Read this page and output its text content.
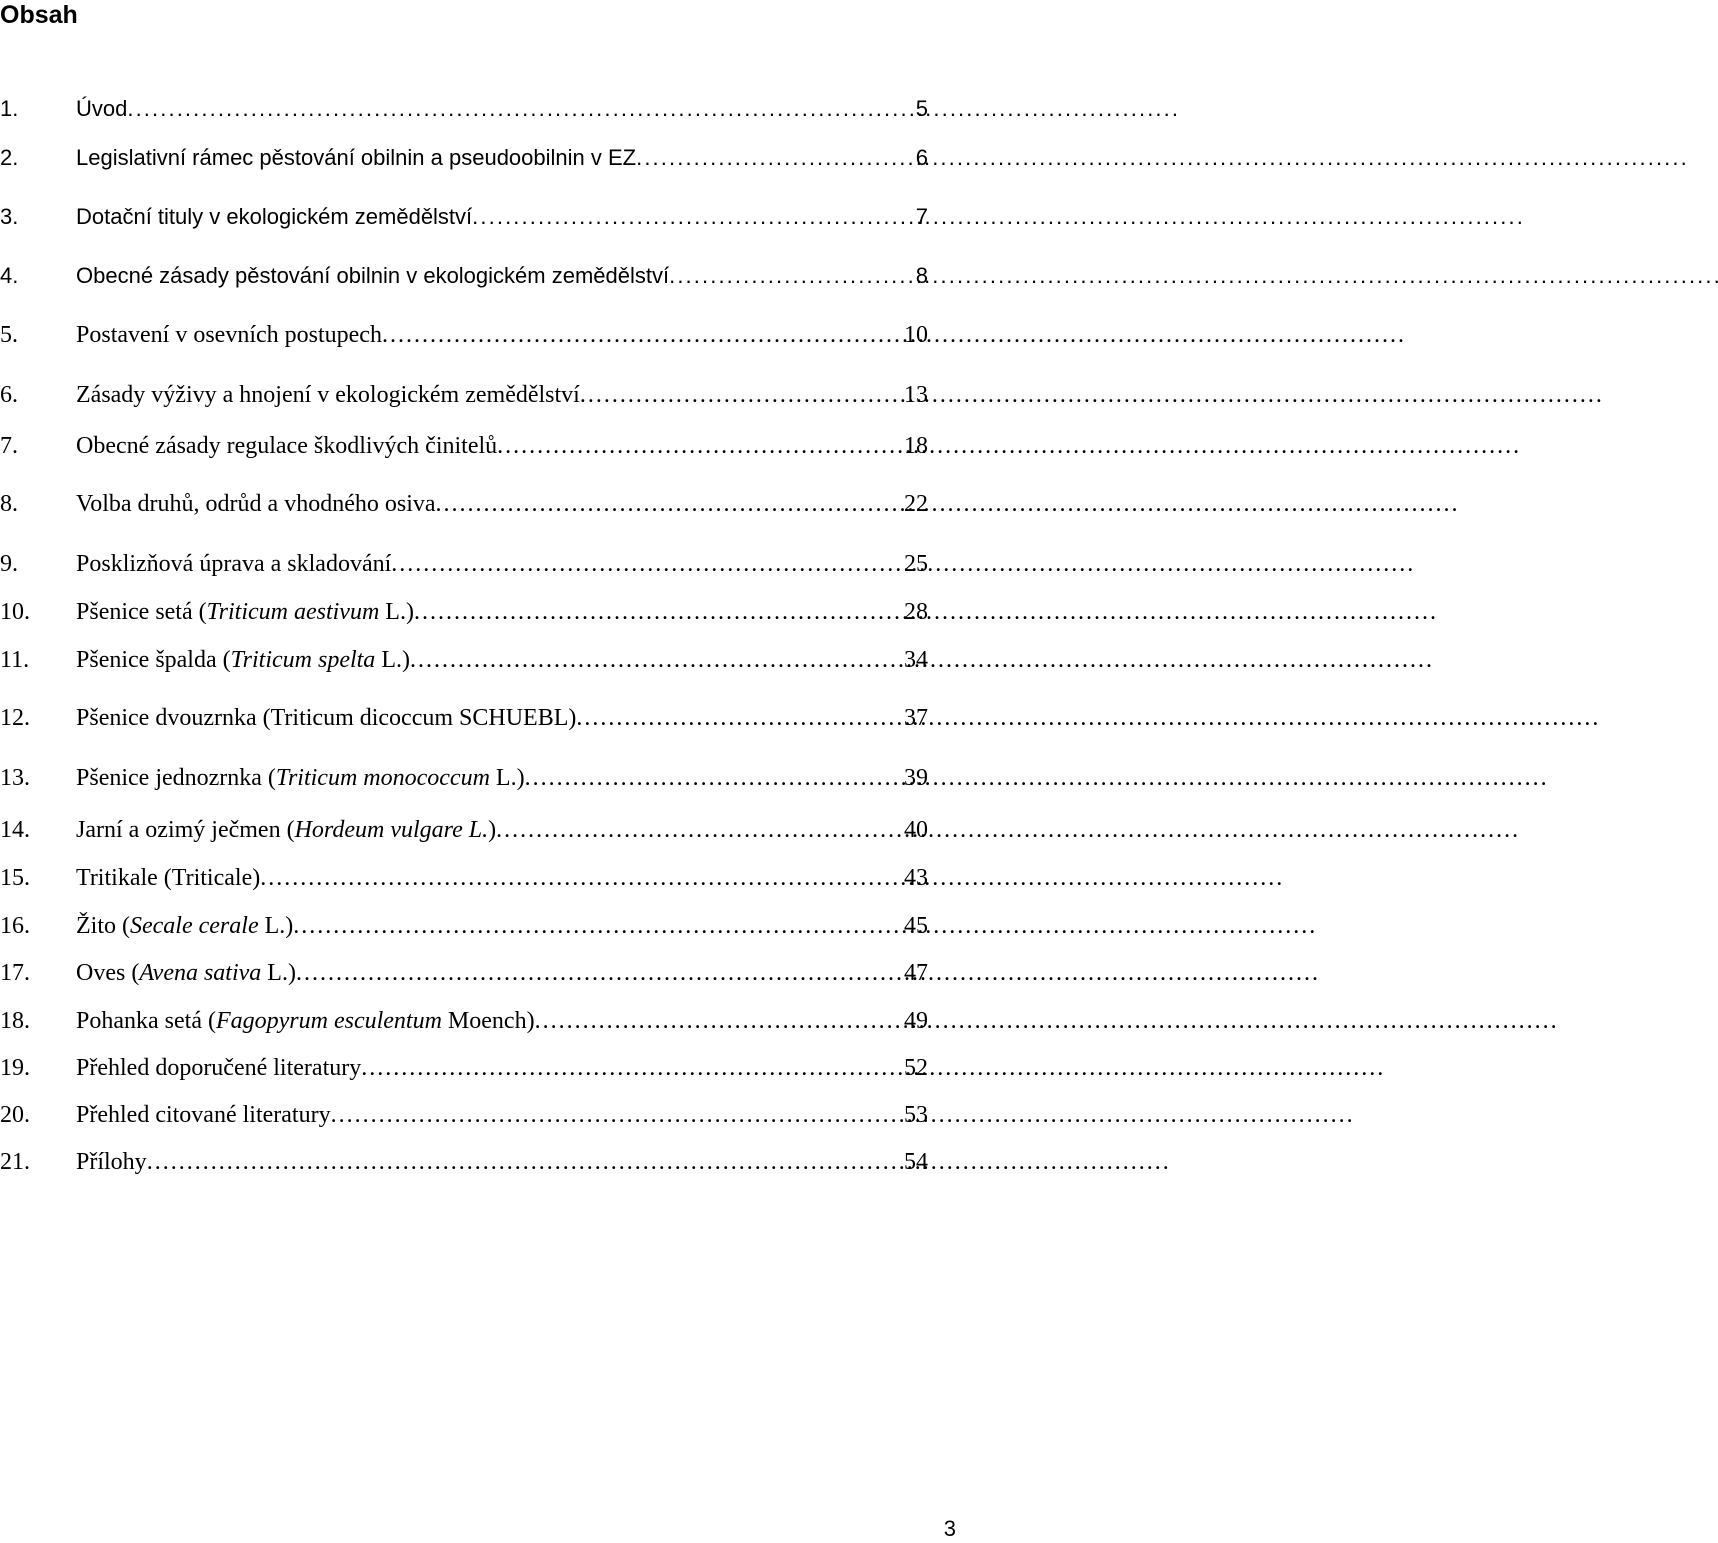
Obsah
1.	Úvod . . .	5
2.	Legislativní rámec pěstování obilnin a pseudoobilnin v EZ . . .	6
3.	Dotační tituly v ekologickém zemědělství . . .	7
4.	Obecné zásady pěstování obilnin v ekologickém zemědělství . . .	8
5.	Postavení v osevních postupech . . .	10
6.	Zásady výživy a hnojení v ekologickém zemědělství . . .	13
7.	Obecné zásady regulace škodlivých činitelů . . .	18
8.	Volba druhů, odrůd a vhodného osiva . . .	22
9.	Posklizňová úprava a skladování . . .	25
10.	Pšenice setá (Triticum aestivum L.) . . .	28
11.	Pšenice špalda (Triticum spelta L.) . . .	34
12.	Pšenice dvouzrnka (Triticum dicoccum SCHUEBL) . . .	37
13.	Pšenice jednozrnka (Triticum monococcum L.) . . .	39
14.	Jarní a ozimý ječmen (Hordeum vulgare L.) . . .	40
15.	Tritikale (Triticale) . . .	43
16.	Žito (Secale cerale L.) . . .	45
17.	Oves (Avena sativa L.) . . .	47
18.	Pohanka setá (Fagopyrum esculentum Moench) . . .	49
19.	Přehled doporučené literatury . . .	52
20.	Přehled citované literatury . . .	53
21.	Přílohy . . .	54
3
